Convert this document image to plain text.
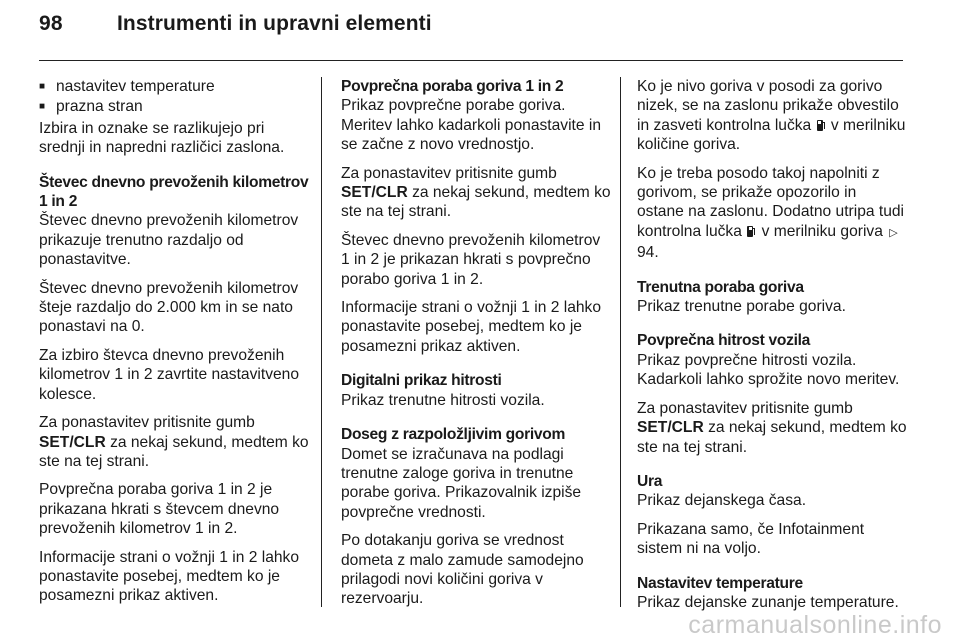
98	Instrumenti in upravni elementi
■ nastavitev temperature
■ prazna stran

Izbira in oznake se razlikujejo pri srednji in napredni različici zaslona.

Števec dnevno prevoženih kilometrov 1 in 2

Števec dnevno prevoženih kilometrov prikazuje trenutno razdaljo od ponastavitve.

Števec dnevno prevoženih kilometrov šteje razdaljo do 2.000 km in se nato ponastavi na 0.

Za izbiro števca dnevno prevoženih kilometrov 1 in 2 zavrtite nastavitveno kolesce.

Za ponastavitev pritisnite gumb SET/CLR za nekaj sekund, medtem ko ste na tej strani.

Povprečna poraba goriva 1 in 2 je prikazana hkrati s števcem dnevno prevoženih kilometrov 1 in 2.

Informacije strani o vožnji 1 in 2 lahko ponastavite posebej, medtem ko je posamezni prikaz aktiven.

Povprečna poraba goriva 1 in 2

Prikaz povprečne porabe goriva. Meritev lahko kadarkoli ponastavite in se začne z novo vrednostjo.

Za ponastavitev pritisnite gumb SET/CLR za nekaj sekund, medtem ko ste na tej strani.

Števec dnevno prevoženih kilometrov 1 in 2 je prikazan hkrati s povprečno porabo goriva 1 in 2.

Informacije strani o vožnji 1 in 2 lahko ponastavite posebej, medtem ko je posamezni prikaz aktiven.

Digitalni prikaz hitrosti

Prikaz trenutne hitrosti vozila.

Doseg z razpoložljivim gorivom

Domet se izračunava na podlagi trenutne zaloge goriva in trenutne porabe goriva. Prikazovalnik izpiše povprečne vrednosti.

Po dotakanju goriva se vrednost dometa z malo zamude samodejno prilagodi novi količini goriva v rezervoarju.

Ko je nivo goriva v posodi za gorivo nizek, se na zaslonu prikaže obvestilo in zasveti kontrolna lučka v merilniku količine goriva.

Ko je treba posodo takoj napolniti z gorivom, se prikaže opozorilo in ostane na zaslonu. Dodatno utripa tudi kontrolna lučka v merilniku goriva ▷94.

Trenutna poraba goriva

Prikaz trenutne porabe goriva.

Povprečna hitrost vozila

Prikaz povprečne hitrosti vozila. Kadarkoli lahko sprožite novo meritev.

Za ponastavitev pritisnite gumb SET/CLR za nekaj sekund, medtem ko ste na tej strani.

Ura

Prikaz dejanskega časa.

Prikazana samo, če Infotainment sistem ni na voljo.

Nastavitev temperature

Prikaz dejanske zunanje temperature.

carmanualsonline.info
